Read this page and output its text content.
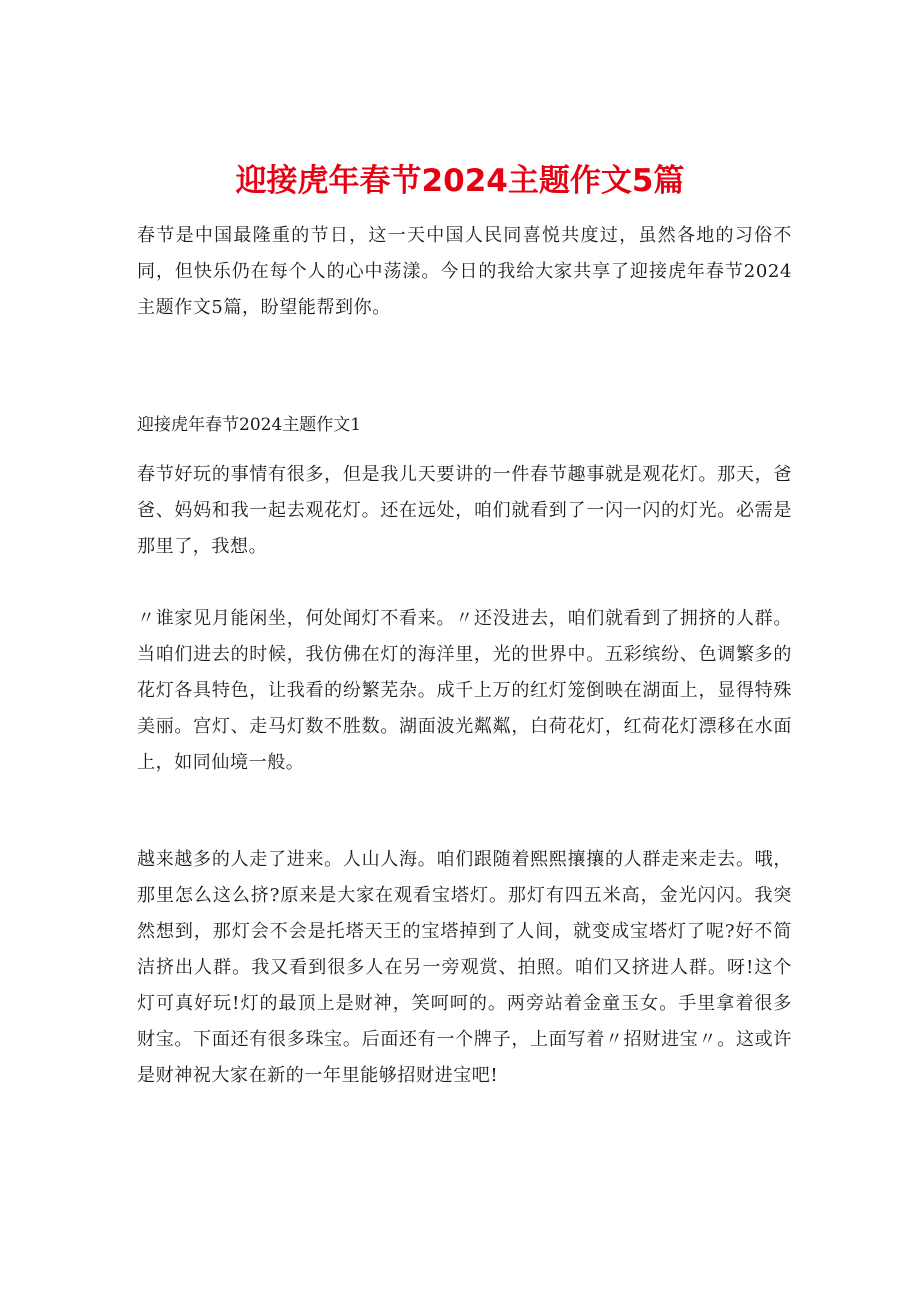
迎接虎年春节2024主题作文5篇

春节是中国最隆重的节日，这一天中国人民同喜悦共度过，虽然各地的习俗不同，但快乐仍在每个人的心中荡漾。今日的我给大家共享了迎接虎年春节2024主题作文5篇，盼望能帮到你。

迎接虎年春节2024主题作文1

春节好玩的事情有很多，但是我儿天要讲的一件春节趣事就是观花灯。那天，爸爸、妈妈和我一起去观花灯。还在远处，咱们就看到了一闪一闪的灯光。必需是那里了，我想。

〃谁家见月能闲坐，何处闻灯不看来。〃还没进去，咱们就看到了拥挤的人群。当咱们进去的时候，我仿佛在灯的海洋里，光的世界中。五彩缤纷、色调繁多的花灯各具特色，让我看的纷繁芜杂。成千上万的红灯笼倒映在湖面上，显得特殊美丽。宫灯、走马灯数不胜数。湖面波光粼粼，白荷花灯，红荷花灯漂移在水面上，如同仙境一般。

越来越多的人走了进来。人山人海。咱们跟随着熙熙攘攘的人群走来走去。哦，那里怎么这么挤?原来是大家在观看宝塔灯。那灯有四五米高，金光闪闪。我突然想到，那灯会不会是托塔天王的宝塔掉到了人间，就变成宝塔灯了呢?好不简洁挤出人群。我又看到很多人在另一旁观赏、拍照。咱们又挤进人群。呀!这个灯可真好玩!灯的最顶上是财神，笑呵呵的。两旁站着金童玉女。手里拿着很多财宝。下面还有很多珠宝。后面还有一个牌子，上面写着〃招财进宝〃。这或许是财神祝大家在新的一年里能够招财进宝吧!
